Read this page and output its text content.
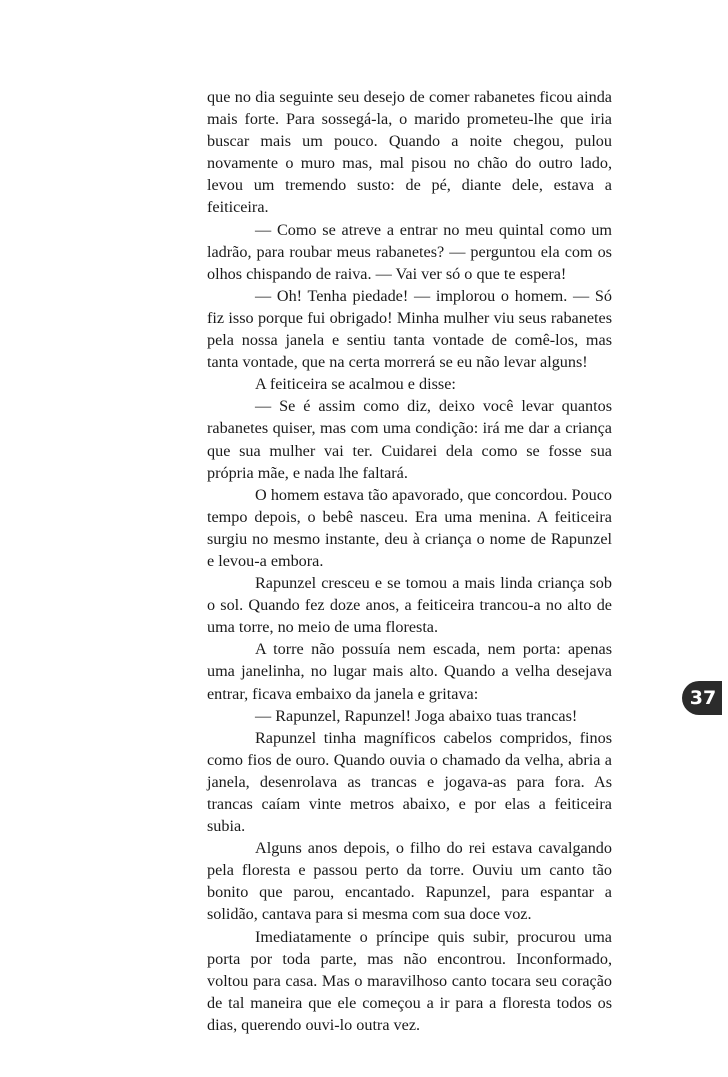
que no dia seguinte seu desejo de comer rabanetes ficou ainda mais forte. Para sossegá-la, o marido prometeu-lhe que iria buscar mais um pouco. Quando a noite chegou, pulou novamente o muro mas, mal pisou no chão do outro lado, levou um tremendo susto: de pé, diante dele, estava a feiticeira.

— Como se atreve a entrar no meu quintal como um ladrão, para roubar meus rabanetes? — perguntou ela com os olhos chispando de raiva. — Vai ver só o que te espera!

— Oh! Tenha piedade! — implorou o homem. — Só fiz isso porque fui obrigado! Minha mulher viu seus rabanetes pela nossa janela e sentiu tanta vontade de comê-los, mas tanta vontade, que na certa morrerá se eu não levar alguns!

A feiticeira se acalmou e disse:

— Se é assim como diz, deixo você levar quantos rabanetes quiser, mas com uma condição: irá me dar a criança que sua mulher vai ter. Cuidarei dela como se fosse sua própria mãe, e nada lhe faltará.

O homem estava tão apavorado, que concordou. Pouco tempo depois, o bebê nasceu. Era uma menina. A feiticeira surgiu no mesmo instante, deu à criança o nome de Rapunzel e levou-a embora.

Rapunzel cresceu e se tomou a mais linda criança sob o sol. Quando fez doze anos, a feiticeira trancou-a no alto de uma torre, no meio de uma floresta.

A torre não possuía nem escada, nem porta: apenas uma janelinha, no lugar mais alto. Quando a velha desejava entrar, ficava embaixo da janela e gritava:

— Rapunzel, Rapunzel! Joga abaixo tuas trancas!

Rapunzel tinha magníficos cabelos compridos, finos como fios de ouro. Quando ouvia o chamado da velha, abria a janela, desenrolava as trancas e jogava-as para fora. As trancas caíam vinte metros abaixo, e por elas a feiticeira subia.

Alguns anos depois, o filho do rei estava cavalgando pela floresta e passou perto da torre. Ouviu um canto tão bonito que parou, encantado. Rapunzel, para espantar a solidão, cantava para si mesma com sua doce voz.

Imediatamente o príncipe quis subir, procurou uma porta por toda parte, mas não encontrou. Inconformado, voltou para casa. Mas o maravilhoso canto tocara seu coração de tal maneira que ele começou a ir para a floresta todos os dias, querendo ouvi-lo outra vez.

37
